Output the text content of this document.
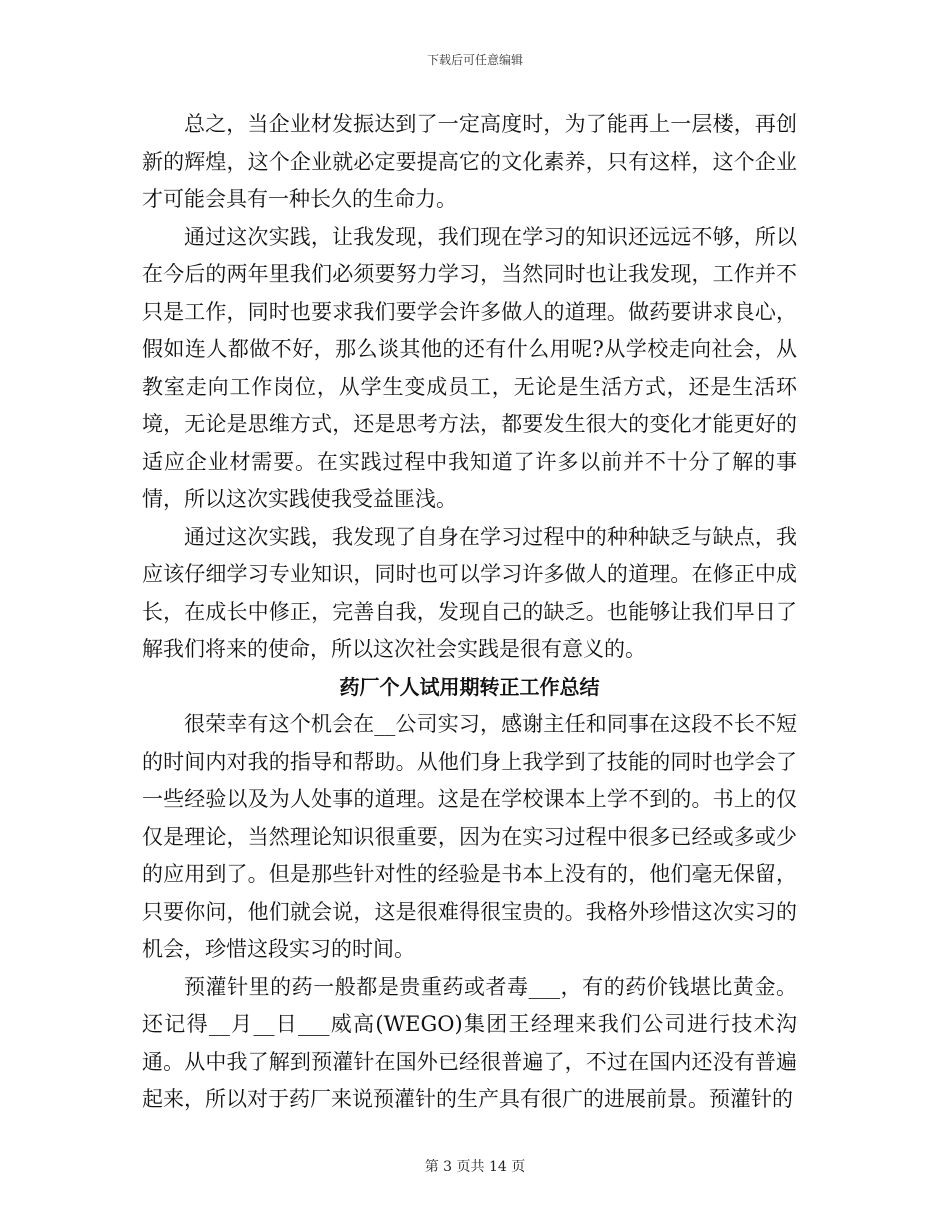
下载后可任意编辑

总之，当企业材发振达到了一定高度时，为了能再上一层楼，再创新的辉煌，这个企业就必定要提高它的文化素养，只有这样，这个企业才可能会具有一种长久的生命力。

通过这次实践，让我发现，我们现在学习的知识还远远不够，所以在今后的两年里我们必须要努力学习，当然同时也让我发现，工作并不只是工作，同时也要求我们要学会许多做人的道理。做药要讲求良心，假如连人都做不好，那么谈其他的还有什么用呢?从学校走向社会，从教室走向工作岗位，从学生变成员工，无论是生活方式，还是生活环境，无论是思维方式，还是思考方法，都要发生很大的变化才能更好的适应企业材需要。在实践过程中我知道了许多以前并不十分了解的事情，所以这次实践使我受益匪浅。

通过这次实践，我发现了自身在学习过程中的种种缺乏与缺点，我应该仔细学习专业知识，同时也可以学习许多做人的道理。在修正中成长，在成长中修正，完善自我，发现自己的缺乏。也能够让我们早日了解我们将来的使命，所以这次社会实践是很有意义的。

药厂个人试用期转正工作总结

很荣幸有这个机会在__公司实习，感谢主任和同事在这段不长不短的时间内对我的指导和帮助。从他们身上我学到了技能的同时也学会了一些经验以及为人处事的道理。这是在学校课本上学不到的。书上的仅仅是理论，当然理论知识很重要，因为在实习过程中很多已经或多或少的应用到了。但是那些针对性的经验是书本上没有的，他们毫无保留，只要你问，他们就会说，这是很难得很宝贵的。我格外珍惜这次实习的机会，珍惜这段实习的时间。

预灌针里的药一般都是贵重药或者毒___，有的药价钱堪比黄金。还记得__月__日___威高(WEGO)集团王经理来我们公司进行技术沟通。从中我了解到预灌针在国外已经很普遍了，不过在国内还没有普遍起来，所以对于药厂来说预灌针的生产具有很广的进展前景。预灌针的

第 3 页共 14 页
